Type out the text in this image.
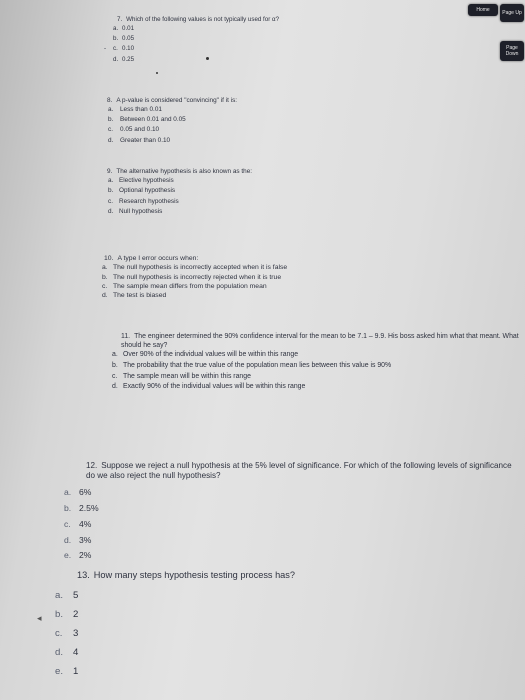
7. Which of the following values is not typically used for α?

a. 0.01
b. 0.05
- c. 0.10
d. 0.25

8. A p-value is considered "convincing" if it is:

a. Less than 0.01
b. Between 0.01 and 0.05
c. 0.05 and 0.10
d. Greater than 0.10

9. The alternative hypothesis is also known as the:

a. Elective hypothesis
b. Optional hypothesis
c. Research hypothesis
d. Null hypothesis

10. A type I error occurs when:

a. The null hypothesis is incorrectly accepted when it is false
b. The null hypothesis is incorrectly rejected when it is true
c. The sample mean differs from the population mean
d. The test is biased

11. The engineer determined the 90% confidence interval for the mean to be 7.1 – 9.9. His boss asked him what that meant. What should he say?

a. Over 90% of the individual values will be within this range
b. The probability that the true value of the population mean lies between this value is 90%
c. The sample mean will be within this range
d. Exactly 90% of the individual values will be within this range

12. Suppose we reject a null hypothesis at the 5% level of significance. For which of the following levels of significance do we also reject the null hypothesis?

a. 6%
b. 2.5%
c. 4%
d. 3%
e. 2%

13. How many steps hypothesis testing process has?

a. 5
b. 2
c. 3
d. 4
e. 1
◂
Home	Page Up
Page Down
